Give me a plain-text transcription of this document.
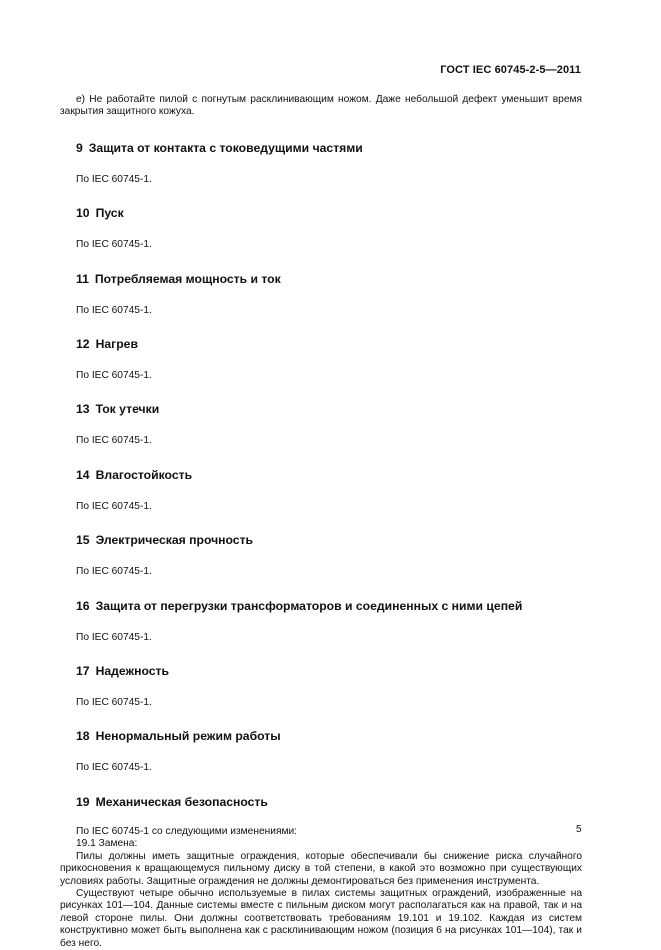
ГОСТ IEC 60745-2-5—2011

e) Не работайте пилой с погнутым расклинивающим ножом. Даже небольшой дефект уменьшит время закрытия защитного кожуха.

9 Защита от контакта с токоведущими частями

По IEC 60745-1.

10 Пуск

По IEC 60745-1.

11 Потребляемая мощность и ток

По IEC 60745-1.

12 Нагрев

По IEC 60745-1.

13 Ток утечки

По IEC 60745-1.

14 Влагостойкость

По IEC 60745-1.

15 Электрическая прочность

По IEC 60745-1.

16 Защита от перегрузки трансформаторов и соединенных с ними цепей

По IEC 60745-1.

17 Надежность

По IEC 60745-1.

18 Ненормальный режим работы

По IEC 60745-1.

19 Механическая безопасность

По IEC 60745-1 со следующими изменениями:

19.1 Замена:

Пилы должны иметь защитные ограждения, которые обеспечивали бы снижение риска случайного прикосновения к вращающемуся пильному диску в той степени, в какой это возможно при существующих условиях работы. Защитные ограждения не должны демонтироваться без применения инструмента.

Существуют четыре обычно используемые в пилах системы защитных ограждений, изображенные на рисунках 101—104. Данные системы вместе с пильным диском могут располагаться как на правой, так и на левой стороне пилы. Они должны соответствовать требованиям 19.101 и 19.102. Каждая из систем конструктивно может быть выполнена как с расклинивающим ножом (позиция 6 на рисунках 101—104), так и без него.

5
